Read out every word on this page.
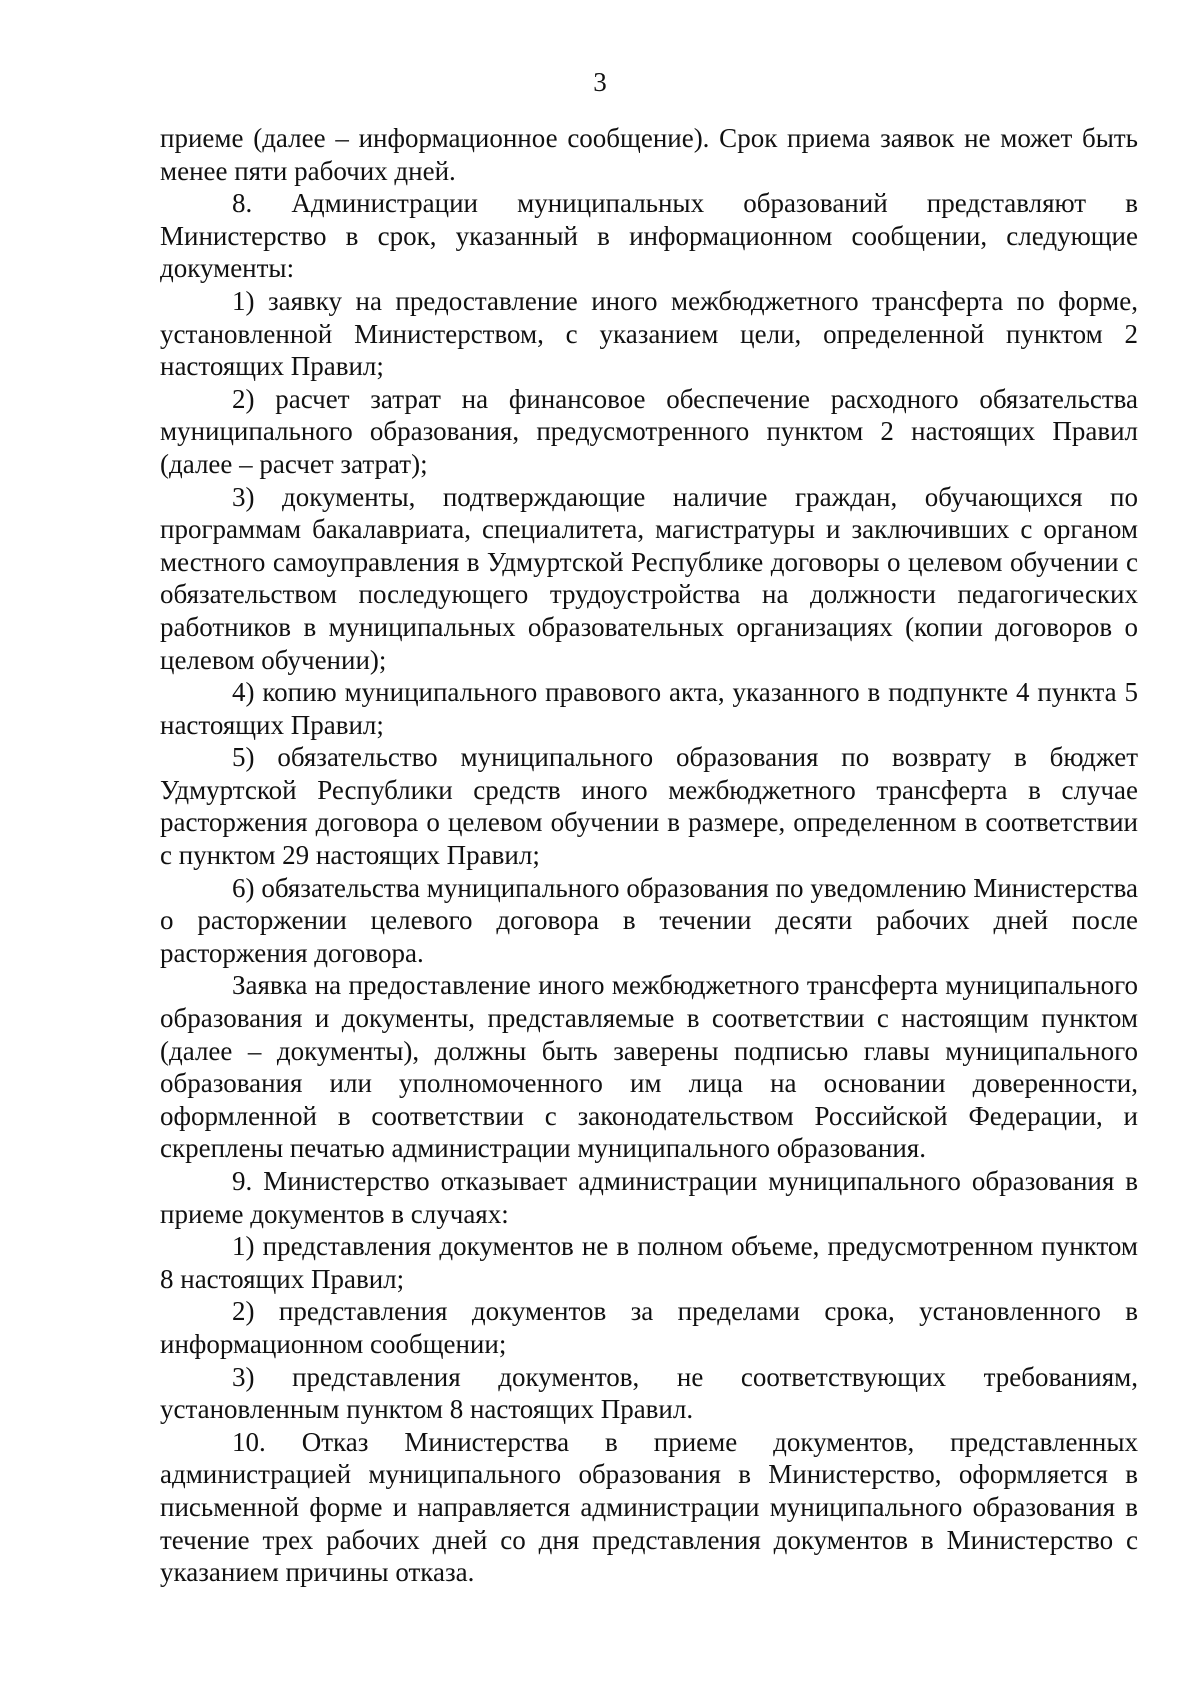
3

приеме (далее – информационное сообщение). Срок приема заявок не может быть менее пяти рабочих дней.

8. Администрации муниципальных образований представляют в Министерство в срок, указанный в информационном сообщении, следующие документы:

1) заявку на предоставление иного межбюджетного трансферта по форме, установленной Министерством, с указанием цели, определенной пунктом 2 настоящих Правил;

2) расчет затрат на финансовое обеспечение расходного обязательства муниципального образования, предусмотренного пунктом 2 настоящих Правил (далее – расчет затрат);

3) документы, подтверждающие наличие граждан, обучающихся по программам бакалавриата, специалитета, магистратуры и заключивших с органом местного самоуправления в Удмуртской Республике договоры о целевом обучении с обязательством последующего трудоустройства на должности педагогических работников в муниципальных образовательных организациях (копии договоров о целевом обучении);

4) копию муниципального правового акта, указанного в подпункте 4 пункта 5 настоящих Правил;

5) обязательство муниципального образования по возврату в бюджет Удмуртской Республики средств иного межбюджетного трансферта в случае расторжения договора о целевом обучении в размере, определенном в соответствии с пунктом 29 настоящих Правил;

6) обязательства муниципального образования по уведомлению Министерства о расторжении целевого договора в течении десяти рабочих дней после расторжения договора.

Заявка на предоставление иного межбюджетного трансферта муниципального образования и документы, представляемые в соответствии с настоящим пунктом (далее – документы), должны быть заверены подписью главы муниципального образования или уполномоченного им лица на основании доверенности, оформленной в соответствии с законодательством Российской Федерации, и скреплены печатью администрации муниципального образования.

9. Министерство отказывает администрации муниципального образования в приеме документов в случаях:

1) представления документов не в полном объеме, предусмотренном пунктом 8 настоящих Правил;

2) представления документов за пределами срока, установленного в информационном сообщении;

3) представления документов, не соответствующих требованиям, установленным пунктом 8 настоящих Правил.

10. Отказ Министерства в приеме документов, представленных администрацией муниципального образования в Министерство, оформляется в письменной форме и направляется администрации муниципального образования в течение трех рабочих дней со дня представления документов в Министерство с указанием причины отказа.
